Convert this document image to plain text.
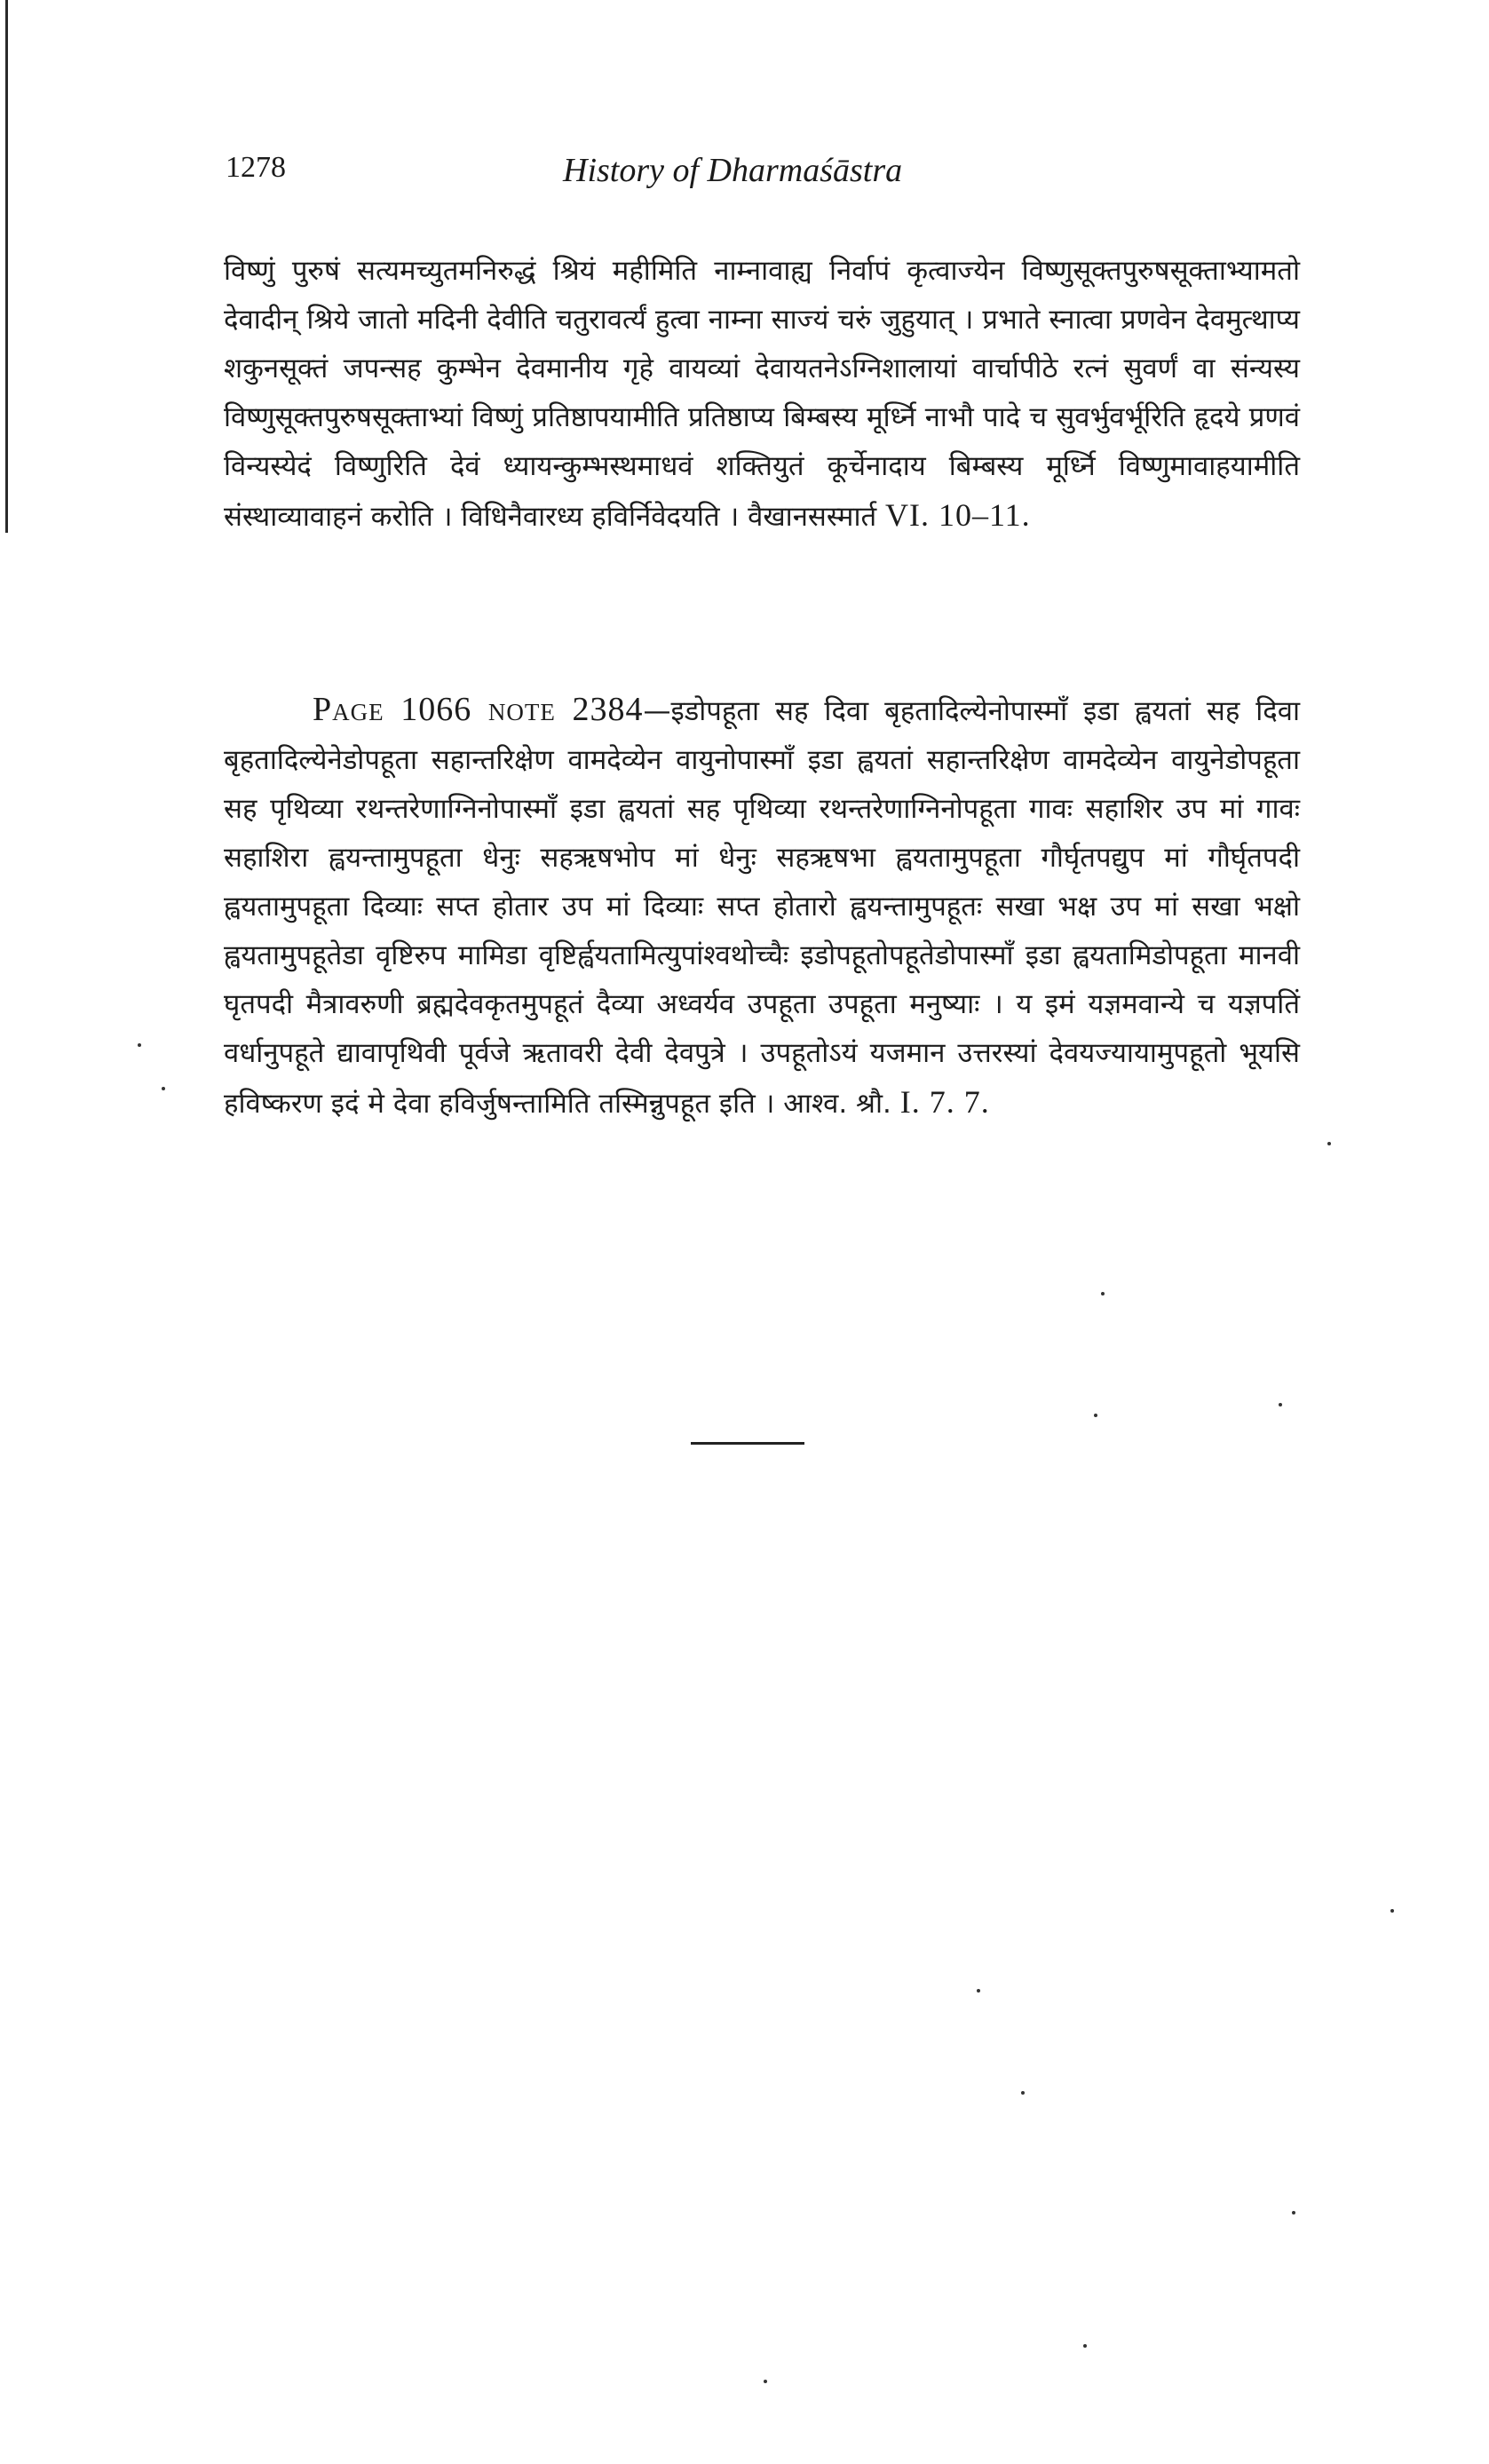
1278	History of Dharmaśāstra

विष्णुं पुरुषं सत्यमच्युतमनिरुद्धं श्रियं महीमिति नाम्नावाह्य निर्वापं कृत्वाज्येन विष्णुसूक्तपुरुषसूक्ताभ्यामतो देवादीन् श्रिये जातो मदिनी देवीति चतुरावर्त्यं हुत्वा नाम्ना साज्यं चरुं जुहुयात् । प्रभाते स्नात्वा प्रणवेन देवमुत्थाप्य शकुनसूक्तं जपन्सह कुम्भेन देवमानीय गृहे वायव्यां देवायतनेऽग्निशालायां वार्चापीठे रत्नं सुवर्णं वा संन्यस्य विष्णुसूक्तपुरुषसूक्ताभ्यां विष्णुं प्रतिष्ठापयामीति प्रतिष्ठाप्य बिम्बस्य मूर्ध्नि नाभौ पादे च सुवर्भुवर्भूरिति हृदये प्रणवं विन्यस्येदं विष्णुरिति देवं ध्यायन्कुम्भस्थमाधवं शक्तियुतं कूर्चेनादाय बिम्बस्य मूर्ध्नि विष्णुमावाहयामीति संस्थाव्यावाहनं करोति । विधिनैवारध्य हविर्निवेदयति । वैखानसस्मार्त VI. 10–11.

Page 1066 note 2384—इडोपहूता सह दिवा बृहतादिल्येनोपास्माँ इडा ह्वयतां सह दिवा बृहतादिल्येनेडोपहूता सहान्तरिक्षेण वामदेव्येन वायुनोपास्माँ इडा ह्वयतां सहान्तरिक्षेण वामदेव्येन वायुनेडोपहूता सह पृथिव्या रथन्तरेणाग्निनोपास्माँ इडा ह्वयतां सह पृथिव्या रथन्तरेणाग्निनोपहूता गावः सहाशिर उप मां गावः सहाशिरा ह्वयन्तामुपहूता धेनुः सहऋषभोप मां धेनुः सहऋषभा ह्वयतामुपहूता गौर्घृतपद्युप मां गौर्घृतपदी ह्वयतामुपहूता दिव्याः सप्त होतार उप मां दिव्याः सप्त होतारो ह्वयन्तामुपहूतः सखा भक्ष उप मां सखा भक्षो ह्वयतामुपहूतेडा वृष्टिरुप मामिडा वृष्टिर्ह्वयतामित्युपांश्वथोच्चैः इडोपहूतोपहूतेडोपास्माँ इडा ह्वयतामिडोपहूता मानवी घृतपदी मैत्रावरुणी ब्रह्मदेवकृतमुपहूतं दैव्या अध्वर्यव उपहूता उपहूता मनुष्याः । य इमं यज्ञमवान्ये च यज्ञपतिं वर्धानुपहूते द्यावापृथिवी पूर्वजे ऋतावरी देवी देवपुत्रे । उपहूतोऽयं यजमान उत्तरस्यां देवयज्यायामुपहूतो भूयसि हविष्करण इदं मे देवा हविर्जुषन्तामिति तस्मिन्नुपहूत इति । आश्व. श्रौ. I. 7. 7.
